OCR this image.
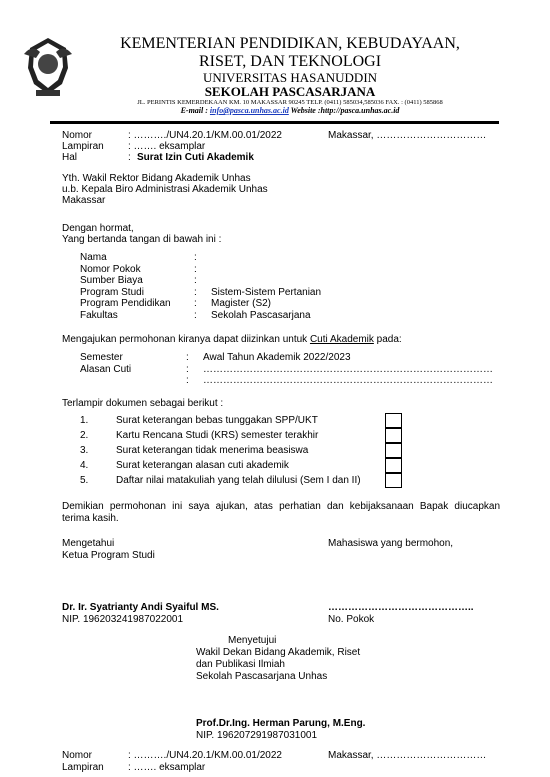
KEMENTERIAN PENDIDIKAN, KEBUDAYAAN,
RISET, DAN TEKNOLOGI
UNIVERSITAS HASANUDDIN
SEKOLAH PASCASARJANA
JL. PERINTIS KEMERDEKAAN KM. 10 MAKASSAR 90245 TELP. (0411) 585034,585036 FAX. : (0411) 585868
E-mail : info@pasca.unhas.ac.id Website :http://pasca.unhas.ac.id
Nomor	: ………./UN4.20.1/KM.00.01/2022	Makassar, ……………………………
Lampiran : ……. eksamplar
Hal	: Surat Izin Cuti Akademik
Yth. Wakil Rektor Bidang Akademik Unhas
u.b. Kepala Biro Administrasi Akademik Unhas
Makassar
Dengan hormat,
Yang bertanda tangan di bawah ini :
Nama	:
Nomor Pokok	:
Sumber Biaya	:
Program Studi	: Sistem-Sistem Pertanian
Program Pendidikan : Magister (S2)
Fakultas	: Sekolah Pascasarjana
Mengajukan permohonan kiranya dapat diizinkan untuk Cuti Akademik pada:
Semester	: Awal Tahun Akademik 2022/2023
Alasan Cuti	: ……………………………………………………………………………
: ……………………………………………………………………………
Terlampir dokumen sebagai berikut :
1.	Surat keterangan bebas tunggakan SPP/UKT
2.	Kartu Rencana Studi (KRS) semester terakhir
3.	Surat keterangan tidak menerima beasiswa
4.	Surat keterangan alasan cuti akademik
5.	Daftar nilai matakuliah yang telah dilulusi (Sem I dan II)
Demikian permohonan ini saya ajukan, atas perhatian dan kebijaksanaan Bapak diucapkan
terima kasih.
Mengetahui
Ketua Program Studi
Mahasiswa yang bermohon,
Dr. Ir. Syatrianty Andi Syaiful MS.
NIP. 196203241987022001
……………………………………..
No. Pokok
Menyetujui
Wakil Dekan Bidang Akademik, Riset
dan Publikasi Ilmiah
Sekolah Pascasarjana Unhas
Prof.Dr.Ing. Herman Parung, M.Eng.
NIP. 196207291987031001
Nomor	: ………./UN4.20.1/KM.00.01/2022	Makassar, ……………………………
Lampiran : ……. eksamplar
